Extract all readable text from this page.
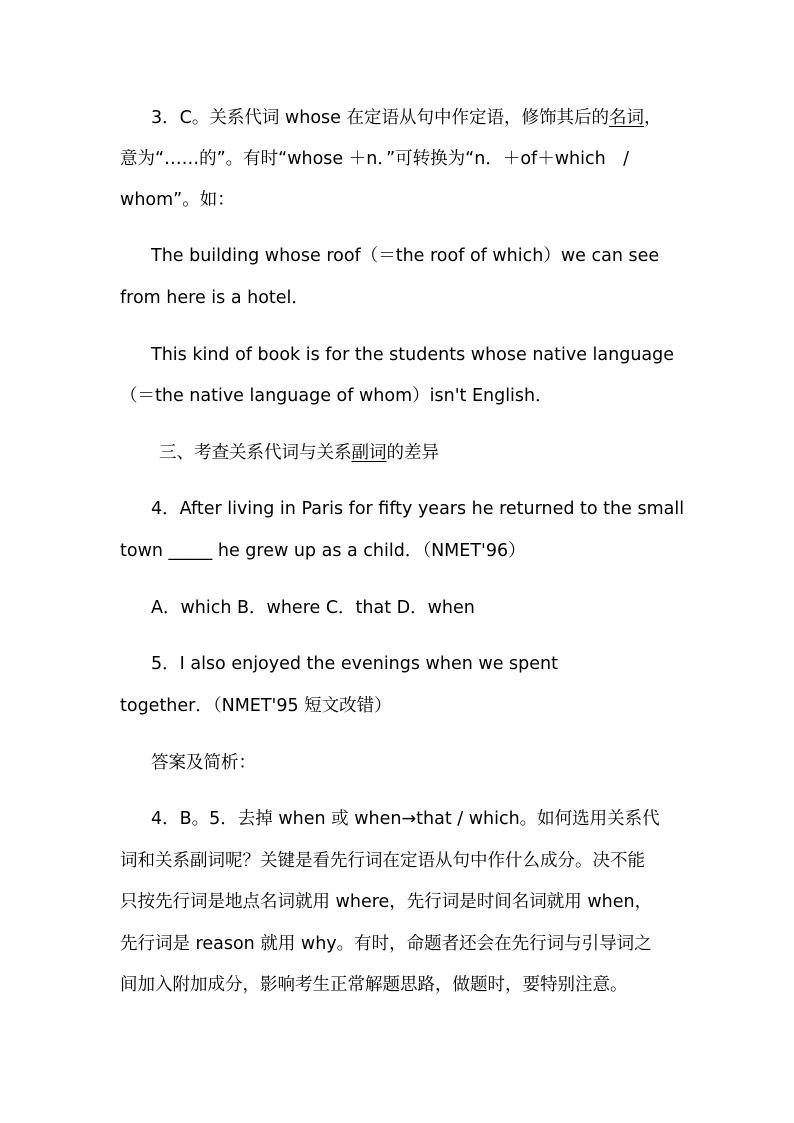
3．C。关系代词 whose 在定语从句中作定语，修饰其后的名词，
意为“……的”。有时“whose ＋n．”可转换为“n．＋of＋which　/
whom”。如：
The building whose roof（＝the roof of which）we can see
from here is a hotel．
This kind of book is for the students whose native language
（＝the native language of whom）isn't English．
三、考查关系代词与关系副词的差异
4．After living in Paris for fifty years he returned to the small
town _____ he grew up as a child．（NMET'96）
A．which B．where C．that D．when
5．I also enjoyed the evenings when we spent
together．（NMET'95 短文改错）
答案及简析：
4．B。5．去掉 when 或 when→that / which。如何选用关系代
词和关系副词呢？关键是看先行词在定语从句中作什么成分。决不能
只按先行词是地点名词就用 where，先行词是时间名词就用 when，
先行词是 reason 就用 why。有时，命题者还会在先行词与引导词之
间加入附加成分，影响考生正常解题思路，做题时，要特别注意。
